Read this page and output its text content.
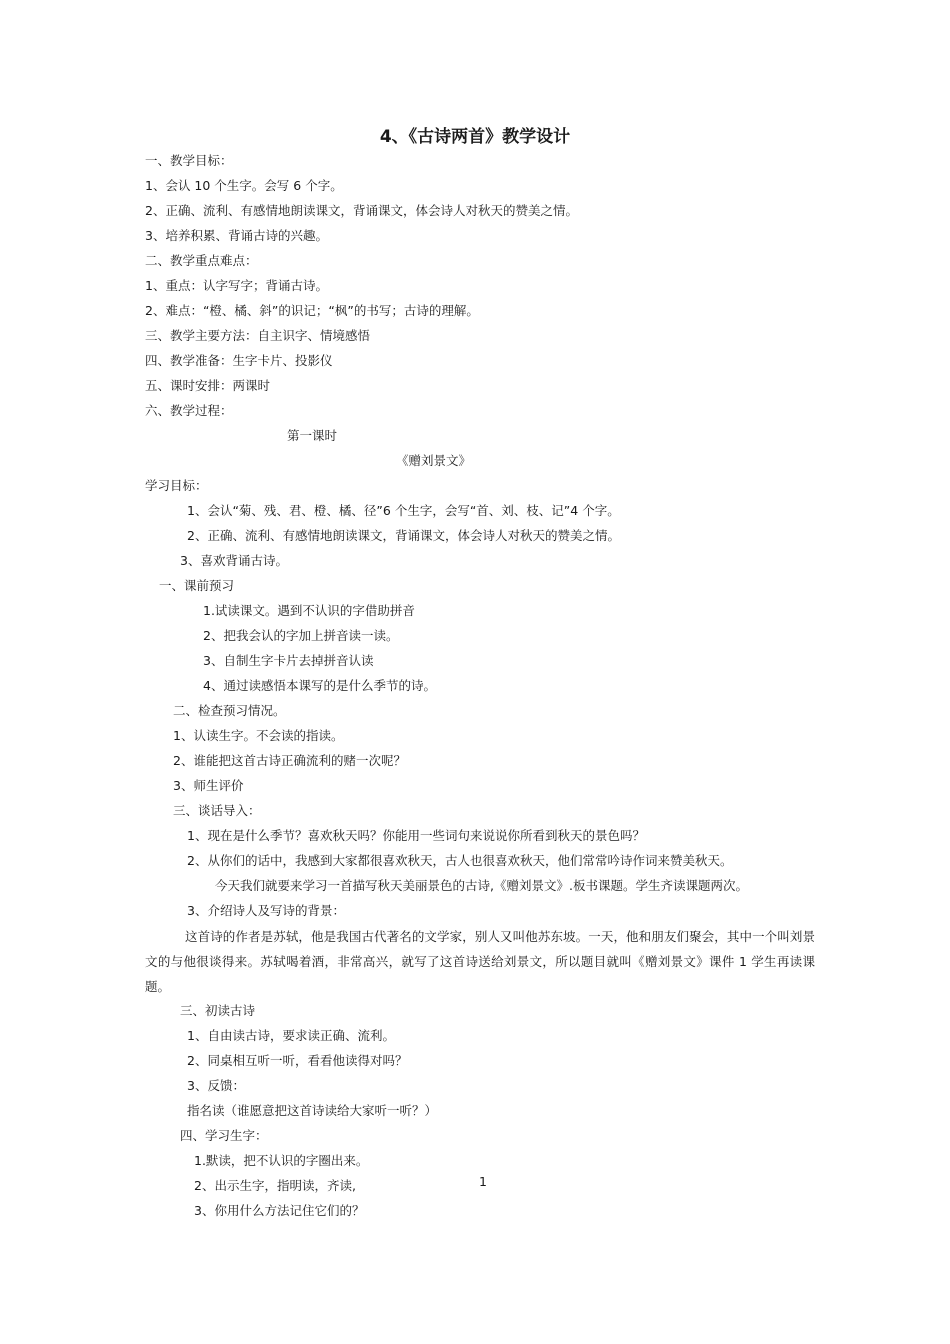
4、《古诗两首》教学设计
一、教学目标：
1、会认 10 个生字。会写 6 个字。
2、正确、流利、有感情地朗读课文，背诵课文，体会诗人对秋天的赞美之情。
3、培养积累、背诵古诗的兴趣。
二、教学重点难点：
1、重点：认字写字；背诵古诗。
2、难点：“橙、橘、斜”的识记；“枫”的书写；古诗的理解。
三、教学主要方法：自主识字、情境感悟
四、教学准备：生字卡片、投影仪
五、课时安排：两课时
六、教学过程：
第一课时
《赠刘景文》
学习目标：
1、会认“菊、残、君、橙、橘、径”6 个生字，会写“首、刘、枝、记”4 个字。
2、正确、流利、有感情地朗读课文，背诵课文，体会诗人对秋天的赞美之情。
3、喜欢背诵古诗。
一、课前预习
1.试读课文。遇到不认识的字借助拼音
2、把我会认的字加上拼音读一读。
3、自制生字卡片去掉拼音认读
4、通过读感悟本课写的是什么季节的诗。
二、检查预习情况。
1、认读生字。不会读的指读。
2、谁能把这首古诗正确流利的赌一次呢？
3、师生评价
三、谈话导入：
1、现在是什么季节？喜欢秋天吗？你能用一些词句来说说你所看到秋天的景色吗？
2、从你们的话中，我感到大家都很喜欢秋天，古人也很喜欢秋天，他们常常吟诗作词来赞美秋天。
今天我们就要来学习一首描写秋天美丽景色的古诗,《赠刘景文》.板书课题。学生齐读课题两次。
3、介绍诗人及写诗的背景：
这首诗的作者是苏轼，他是我国古代著名的文学家，别人又叫他苏东坡。一天，他和朋友们聚会，其中一个叫刘景文的与他很谈得来。苏轼喝着酒，非常高兴，就写了这首诗送给刘景文，所以题目就叫《赠刘景文》课件 1 学生再读课题。
三、初读古诗
1、自由读古诗，要求读正确、流利。
2、同桌相互听一听，看看他读得对吗？
3、反馈：
指名读（谁愿意把这首诗读给大家听一听？）
四、学习生字：
1.默读，把不认识的字圈出来。
2、出示生字，指明读，齐读,
3、你用什么方法记住它们的？
1
